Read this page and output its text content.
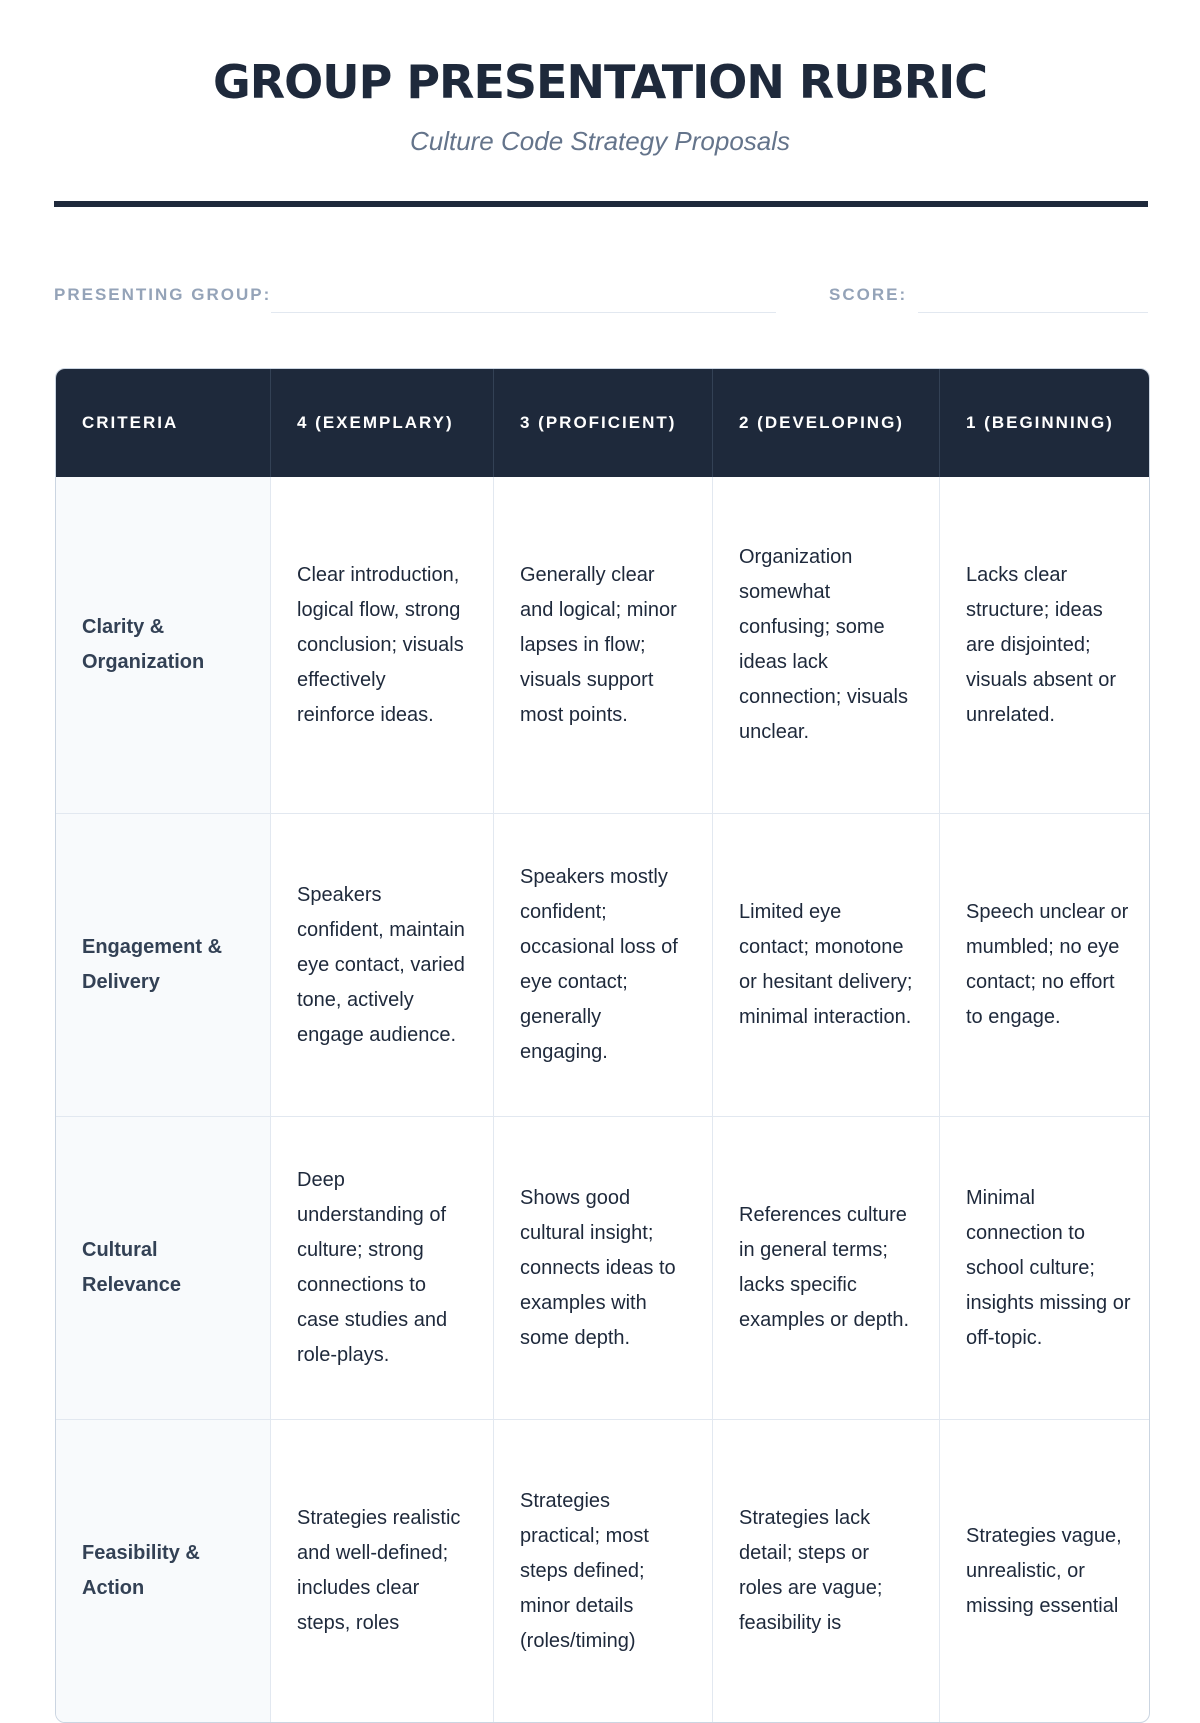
GROUP PRESENTATION RUBRIC
Culture Code Strategy Proposals
PRESENTING GROUP:	SCORE:
CRITERIA	4 (EXEMPLARY)	3 (PROFICIENT)	2 (DEVELOPING)	1 (BEGINNING)
Clarity & Organization	Clear introduction, logical flow, strong conclusion; visuals effectively reinforce ideas.	Generally clear and logical; minor lapses in flow; visuals support most points.	Organization somewhat confusing; some ideas lack connection; visuals unclear.	Lacks clear structure; ideas are disjointed; visuals absent or unrelated.
Engagement & Delivery	Speakers confident, maintain eye contact, varied tone, actively engage audience.	Speakers mostly confident; occasional loss of eye contact; generally engaging.	Limited eye contact; monotone or hesitant delivery; minimal interaction.	Speech unclear or mumbled; no eye contact; no effort to engage.
Cultural Relevance	Deep understanding of culture; strong connections to case studies and role-plays.	Shows good cultural insight; connects ideas to examples with some depth.	References culture in general terms; lacks specific examples or depth.	Minimal connection to school culture; insights missing or off-topic.
Feasibility & Action	Strategies realistic and well-defined; includes clear steps, roles	Strategies practical; most steps defined; minor details (roles/timing)	Strategies lack detail; steps or roles are vague; feasibility is	Strategies vague, unrealistic, or missing essential
